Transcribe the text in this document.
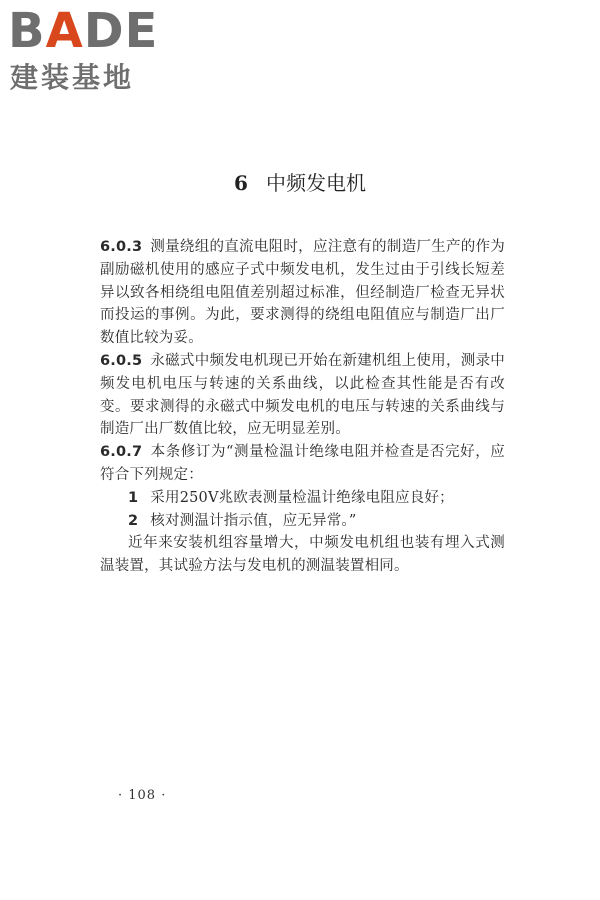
BADE
建装基地
6 中频发电机

6.0.3 测量绕组的直流电阻时，应注意有的制造厂生产的作为副励磁机使用的感应子式中频发电机，发生过由于引线长短差异以致各相绕组电阻值差别超过标准，但经制造厂检查无异状而投运的事例。为此，要求测得的绕组电阻值应与制造厂出厂数值比较为妥。

6.0.5 永磁式中频发电机现已开始在新建机组上使用，测录中频发电机电压与转速的关系曲线，以此检查其性能是否有改变。要求测得的永磁式中频发电机的电压与转速的关系曲线与制造厂出厂数值比较，应无明显差别。

6.0.7 本条修订为“测量检温计绝缘电阻并检查是否完好，应符合下列规定：

1 采用250V兆欧表测量检温计绝缘电阻应良好；

2 核对测温计指示值，应无异常。”

近年来安装机组容量增大，中频发电机组也装有埋入式测温装置，其试验方法与发电机的测温装置相同。

· 108 ·
